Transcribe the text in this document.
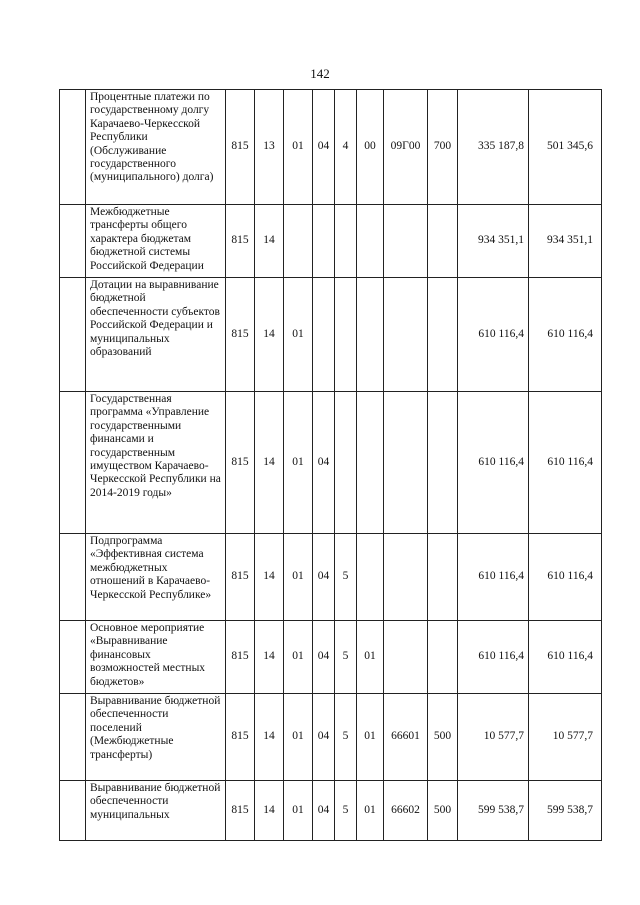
142
	Процентные платежи по государственному долгу Карачаево-Черкесской Республики (Обслуживание государственного (муниципального) долга)	815	13	01	04	4	00	09Г00	700	335 187,8	501 345,6
	Межбюджетные трансферты общего характера бюджетам бюджетной системы Российской Федерации	815	14							934 351,1	934 351,1
	Дотации на выравнивание бюджетной обеспеченности субъектов Российской Федерации и муниципальных образований	815	14	01						610 116,4	610 116,4
	Государственная программа «Управление государственными финансами и государственным имуществом Карачаево-Черкесской Республики на 2014-2019 годы»	815	14	01	04					610 116,4	610 116,4
	Подпрограмма «Эффективная система межбюджетных отношений в Карачаево-Черкесской Республике»	815	14	01	04	5				610 116,4	610 116,4
	Основное мероприятие «Выравнивание финансовых возможностей местных бюджетов»	815	14	01	04	5	01			610 116,4	610 116,4
	Выравнивание бюджетной обеспеченности поселений (Межбюджетные трансферты)	815	14	01	04	5	01	66601	500	10 577,7	10 577,7
	Выравнивание бюджетной обеспеченности муниципальных	815	14	01	04	5	01	66602	500	599 538,7	599 538,7
